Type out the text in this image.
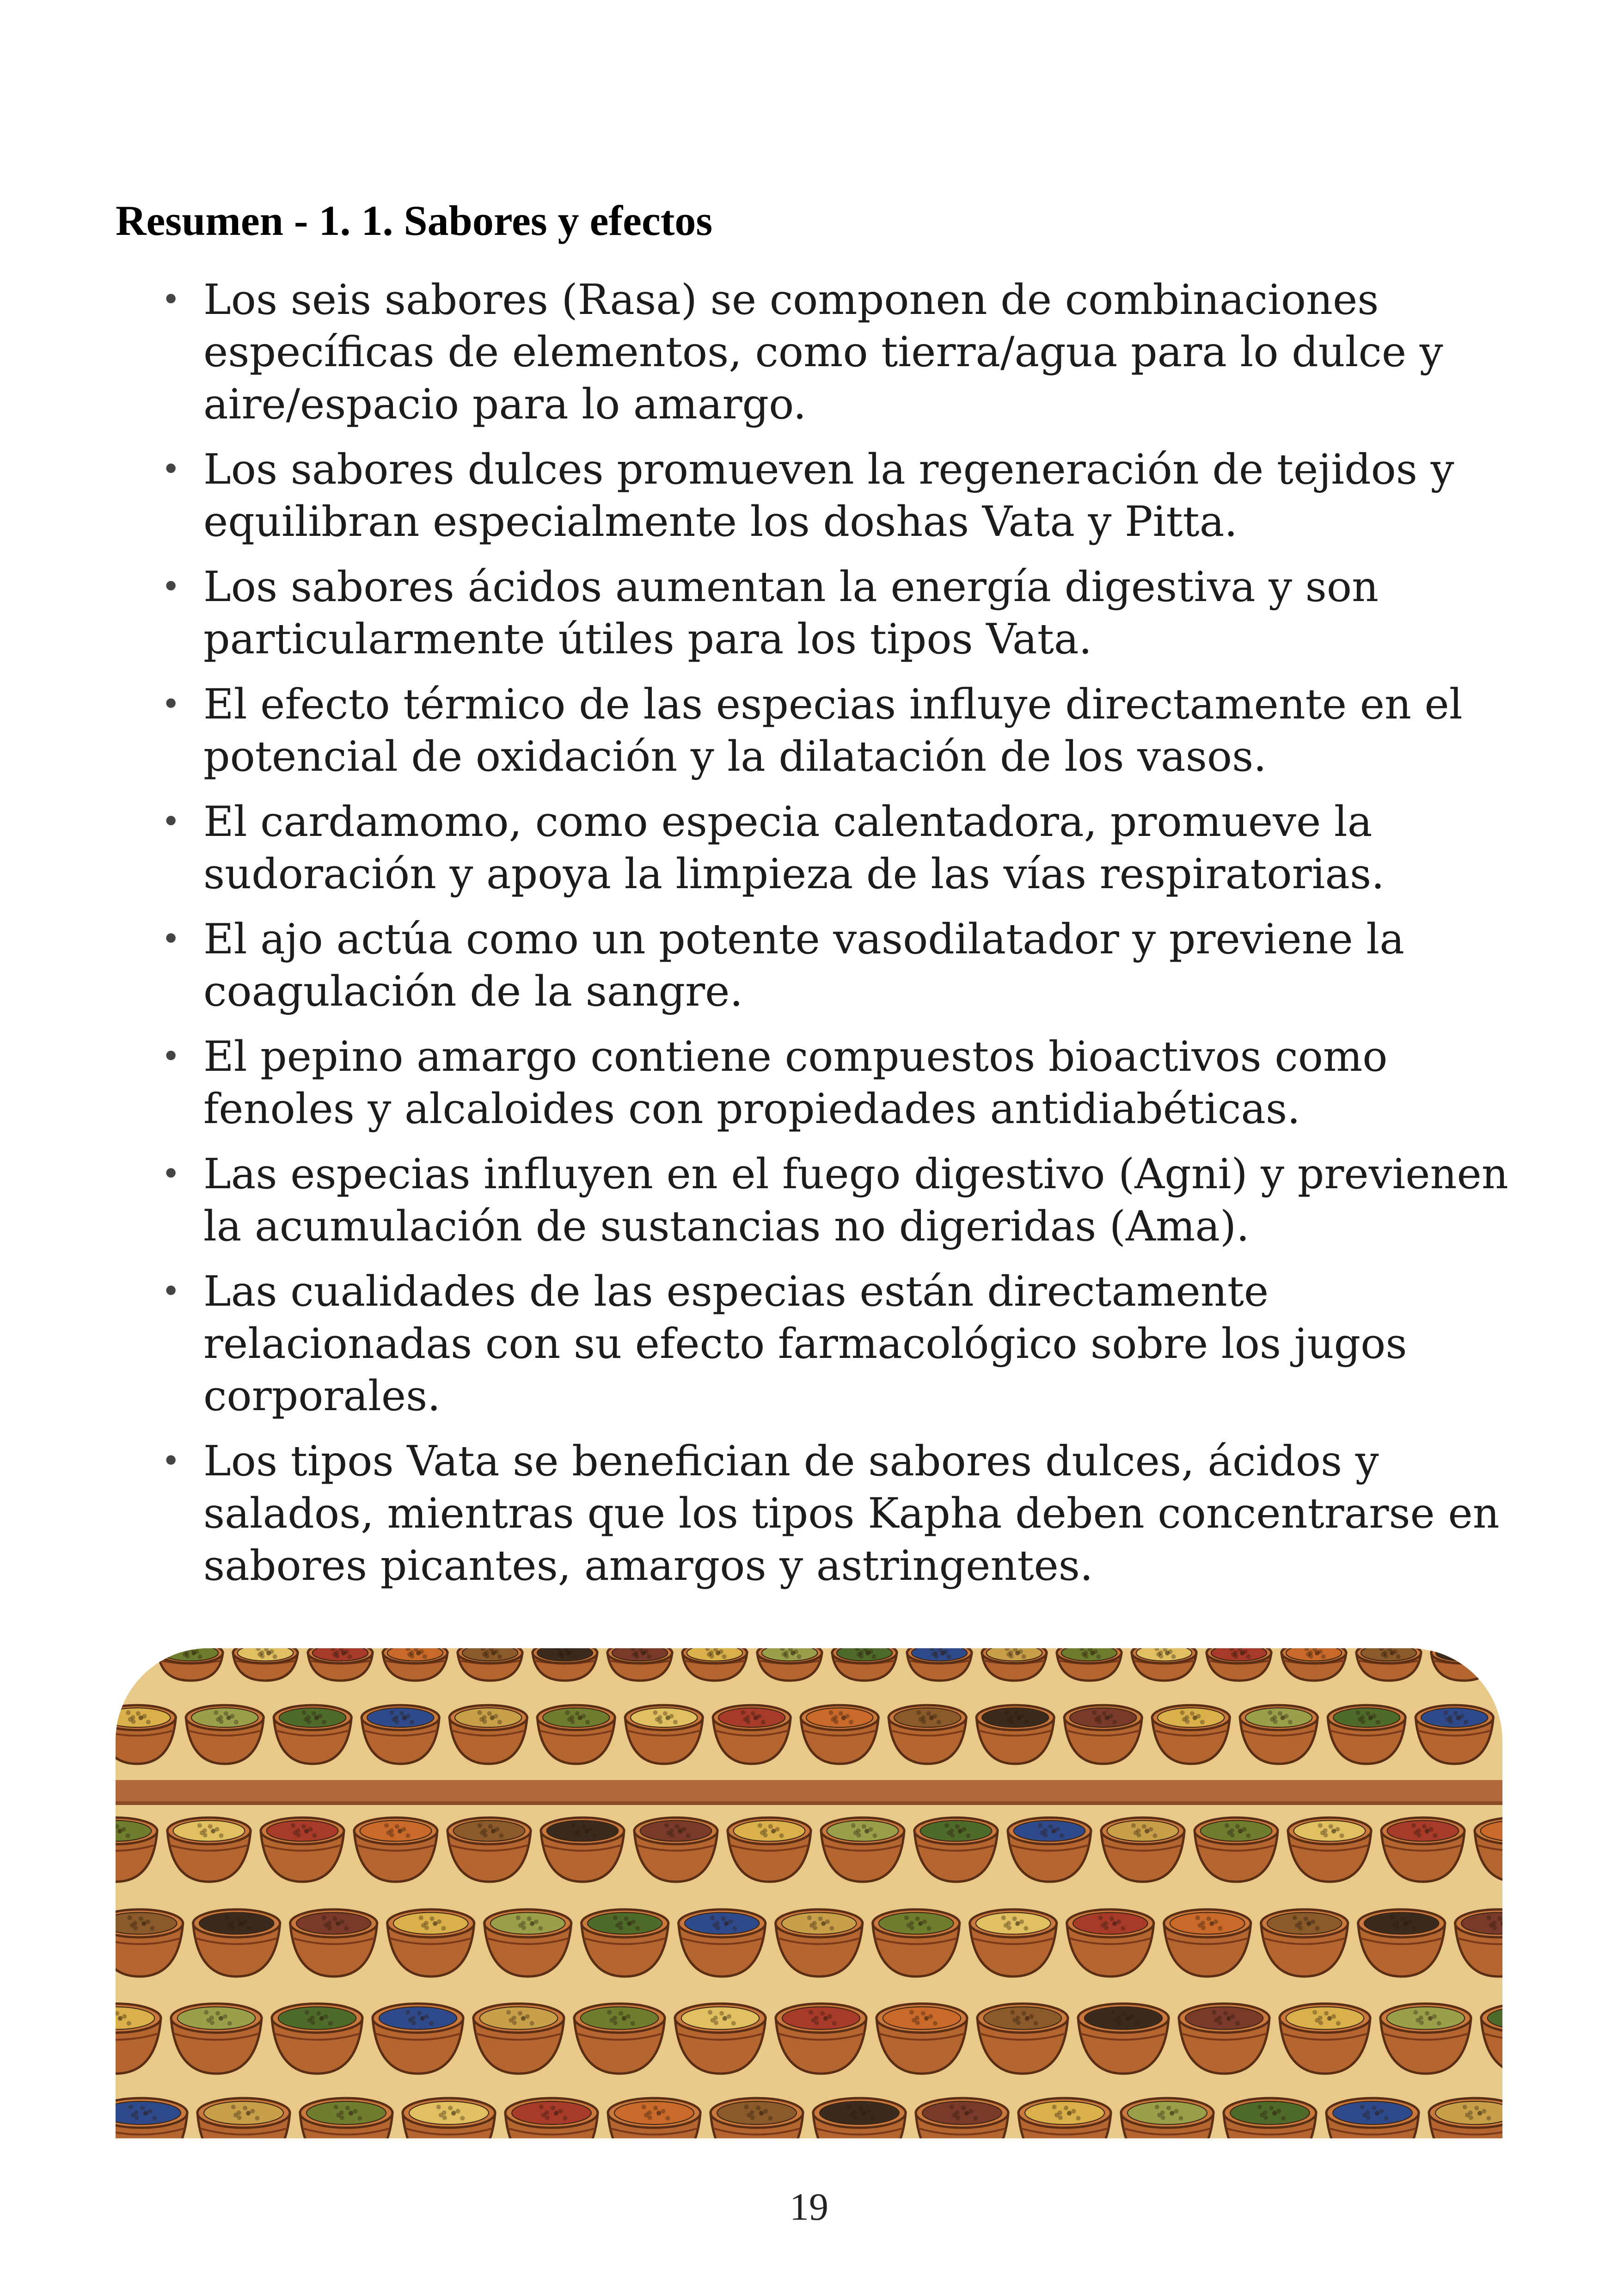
Resumen - 1. 1. Sabores y efectos
• Los seis sabores (Rasa) se componen de combinaciones específicas de elementos, como tierra/agua para lo dulce y aire/espacio para lo amargo.
• Los sabores dulces promueven la regeneración de tejidos y equilibran especialmente los doshas Vata y Pitta.
• Los sabores ácidos aumentan la energía digestiva y son particularmente útiles para los tipos Vata.
• El efecto térmico de las especias influye directamente en el potencial de oxidación y la dilatación de los vasos.
• El cardamomo, como especia calentadora, promueve la sudoración y apoya la limpieza de las vías respiratorias.
• El ajo actúa como un potente vasodilatador y previene la coagulación de la sangre.
• El pepino amargo contiene compuestos bioactivos como fenoles y alcaloides con propiedades antidiabéticas.
• Las especias influyen en el fuego digestivo (Agni) y previenen la acumulación de sustancias no digeridas (Ama).
• Las cualidades de las especias están directamente relacionadas con su efecto farmacológico sobre los jugos corporales.
• Los tipos Vata se benefician de sabores dulces, ácidos y salados, mientras que los tipos Kapha deben concentrarse en sabores picantes, amargos y astringentes.
19
